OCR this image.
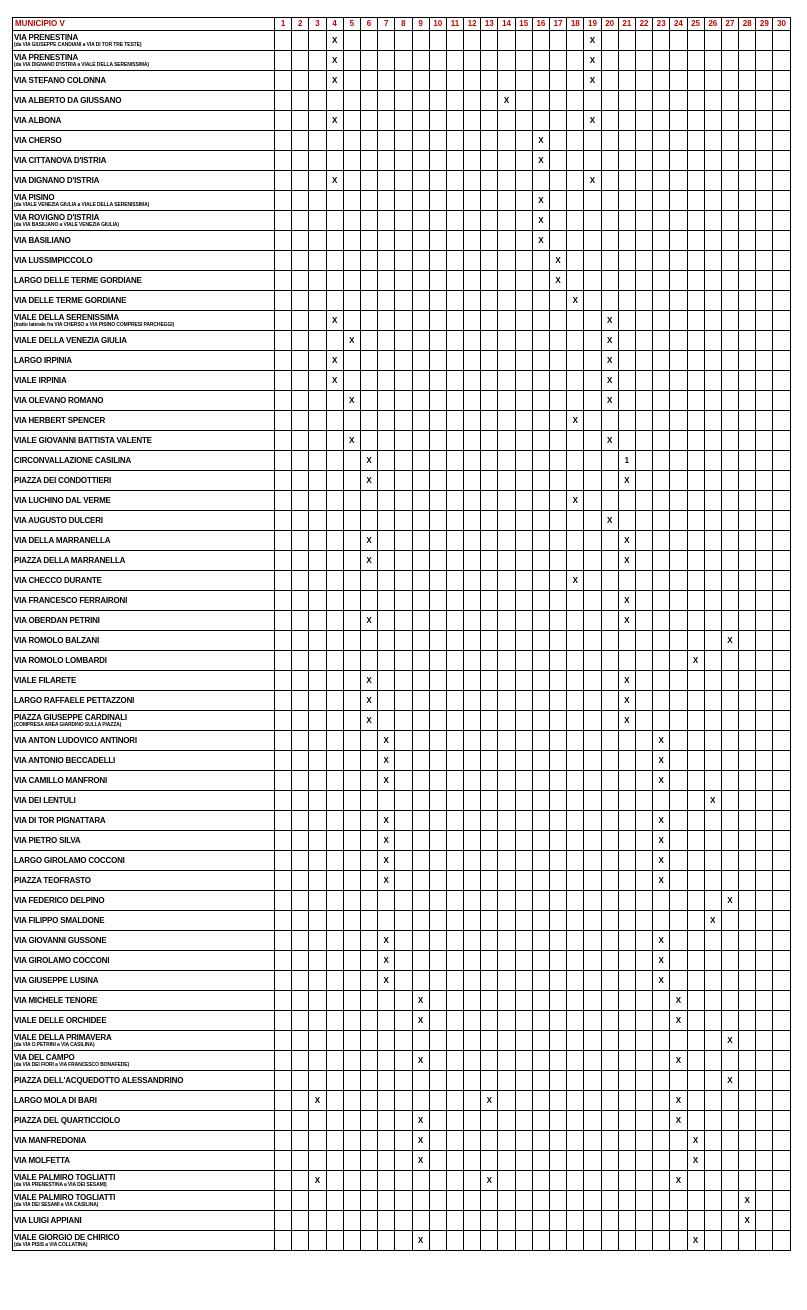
MUNICIPIO V	1	2	3	4	5	6	7	8	9	10	11	12	13	14	15	16	17	18	19	20	21	22	23	24	25	26	27	28	29	30

VIA PRENESTINA
(da VIA GIUSEPPE CANDIANI a VIA DI TOR TRE TESTE)				X															X											

VIA PRENESTINA
(da VIA DIGNANO D'ISTRIA a VIALE DELLA SERENISSIMA)				X															X											

VIA STEFANO COLONNA				X															X											

VIA ALBERTO DA GIUSSANO														X																

VIA ALBONA				X															X											

VIA CHERSO																X														

VIA CITTANOVA D'ISTRIA																X														

VIA DIGNANO D'ISTRIA				X															X											

VIA PISINO
(da VIALE VENEZIA GIULIA a VIALE DELLA SERENISSIMA)																X														

VIA ROVIGNO D'ISTRIA
(da VIA BASILIANO a VIALE VENEZIA GIULIA)																X														

VIA BASILIANO																X														

VIA LUSSIMPICCOLO																	X													

LARGO DELLE TERME GORDIANE																	X													

VIA DELLE TERME GORDIANE																		X												

VIALE DELLA SERENISSIMA
(tratto laterale fra VIA CHERSO a VIA PISINO COMPRESI PARCHEGGI)				X																X										

VIALE DELLA VENEZIA GIULIA					X															X										

LARGO IRPINIA				X																X										

VIALE IRPINIA				X																X										

VIA OLEVANO ROMANO					X															X										

VIA HERBERT SPENCER																		X												

VIALE GIOVANNI BATTISTA VALENTE					X															X										

CIRCONVALLAZIONE CASILINA						X															1									

PIAZZA DEI CONDOTTIERI						X															X									

VIA LUCHINO DAL VERME																		X												

VIA AUGUSTO DULCERI																				X										

VIA DELLA MARRANELLA						X															X									

PIAZZA DELLA MARRANELLA						X															X									

VIA CHECCO DURANTE																		X												

VIA FRANCESCO FERRAIRONI																					X									

VIA OBERDAN PETRINI						X															X									

VIA ROMOLO BALZANI																											X			

VIA ROMOLO LOMBARDI																									X					

VIALE FILARETE						X															X									

LARGO RAFFAELE PETTAZZONI						X															X									

PIAZZA GIUSEPPE CARDINALI
(COMPRESA AREA GIARDINO SULLA PIAZZA)						X															X									

VIA ANTON LUDOVICO ANTINORI							X																X							

VIA ANTONIO BECCADELLI							X																X							

VIA CAMILLO MANFRONI							X																X							

VIA DEI LENTULI																										X				

VIA DI TOR PIGNATTARA							X																X							

VIA PIETRO SILVA							X																X							

LARGO GIROLAMO COCCONI							X																X							

PIAZZA TEOFRASTO							X																X							

VIA FEDERICO DELPINO																											X			

VIA FILIPPO SMALDONE																										X				

VIA GIOVANNI GUSSONE							X																X							

VIA GIROLAMO COCCONI							X																X							

VIA GIUSEPPE LUSINA							X																X							

VIA MICHELE TENORE									X															X						

VIALE DELLE ORCHIDEE									X															X						

VIALE DELLA PRIMAVERA
(da VIA O.PETRINI a VIA CASILINA)																											X			

VIA DEL CAMPO
(da VIA DEI FIORI a VIA FRANCESCO BONAFEDE)									X															X						

PIAZZA DELL'ACQUEDOTTO ALESSANDRINO																											X			

LARGO MOLA DI BARI			X										X											X						

PIAZZA DEL QUARTICCIOLO									X															X						

VIA MANFREDONIA									X																X					

VIA MOLFETTA									X																X					

VIALE PALMIRO TOGLIATTI
(da VIA PRENESTINA a VIA DEI SESAMI)			X										X											X						

VIALE PALMIRO TOGLIATTI
(da VIA DEI SESAMI a VIA CASILINA)																												X		

VIA LUIGI APPIANI																												X		

VIALE GIORGIO DE CHIRICO
(da VIA PISIS a VIA COLLATINA)									X																X					
